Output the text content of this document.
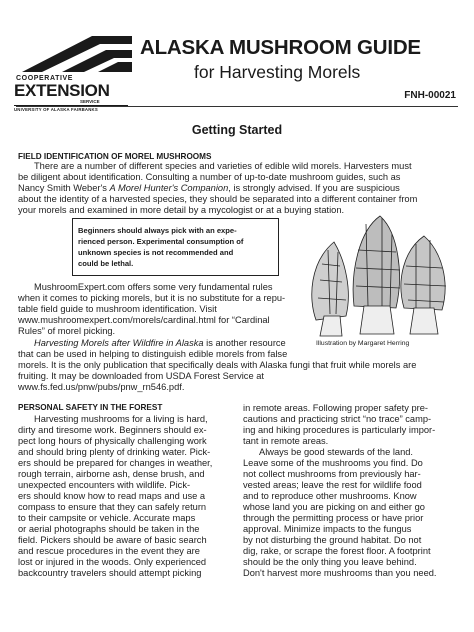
COOPERATIVE
EXTENSION
SERVICE
UNIVERSITY OF ALASKA FAIRBANKS
ALASKA MUSHROOM GUIDE
for Harvesting Morels
FNH-00021
Getting Started
FIELD IDENTIFICATION OF MOREL MUSHROOMS
There are a number of different species and varieties of edible wild morels. Harvesters must
be diligent about identification. Consulting a number of up-to-date mushroom guides, such as
Nancy Smith Weber's A Morel Hunter's Companion, is strongly advised. If you are suspicious
about the identity of a harvested species, they should be separated into a different container from
your morels and examined in more detail by a mycologist or at a buying station.
Beginners should always pick with an expe-
rienced person. Experimental consumption of
unknown species is not recommended and
could be lethal.
Illustration by Margaret Herring
MushroomExpert.com offers some very fundamental rules
when it comes to picking morels, but it is no substitute for a repu-
table field guide to mushroom identification. Visit
www.mushroomexpert.com/morels/cardinal.html for “Cardinal
Rules” of morel picking.
Harvesting Morels after Wildfire in Alaska is another resource
that can be used in helping to distinguish edible morels from false
morels. It is the only publication that specifically deals with Alaska fungi that fruit while morels are
fruiting. It may be downloaded from USDA Forest Service at
www.fs.fed.us/pnw/pubs/pnw_rn546.pdf.
PERSONAL SAFETY IN THE FOREST
Harvesting mushrooms for a living is hard,
dirty and tiresome work. Beginners should ex-
pect long hours of physically challenging work
and should bring plenty of drinking water. Pick-
ers should be prepared for changes in weather,
rough terrain, airborne ash, dense brush, and
unexpected encounters with wildlife. Pick-
ers should know how to read maps and use a
compass to ensure that they can safely return
to their campsite or vehicle. Accurate maps
or aerial photographs should be taken in the
field. Pickers should be aware of basic search
and rescue procedures in the event they are
lost or injured in the woods. Only experienced
backcountry travelers should attempt picking
in remote areas. Following proper safety pre-
cautions and practicing strict “no trace” camp-
ing and hiking procedures is particularly impor-
tant in remote areas.
Always be good stewards of the land.
Leave some of the mushrooms you find. Do
not collect mushrooms from previously har-
vested areas; leave the rest for wildlife food
and to reproduce other mushrooms. Know
whose land you are picking on and either go
through the permitting process or have prior
approval. Minimize impacts to the fungus
by not disturbing the ground habitat. Do not
dig, rake, or scrape the forest floor. A footprint
should be the only thing you leave behind.
Don't harvest more mushrooms than you need.
